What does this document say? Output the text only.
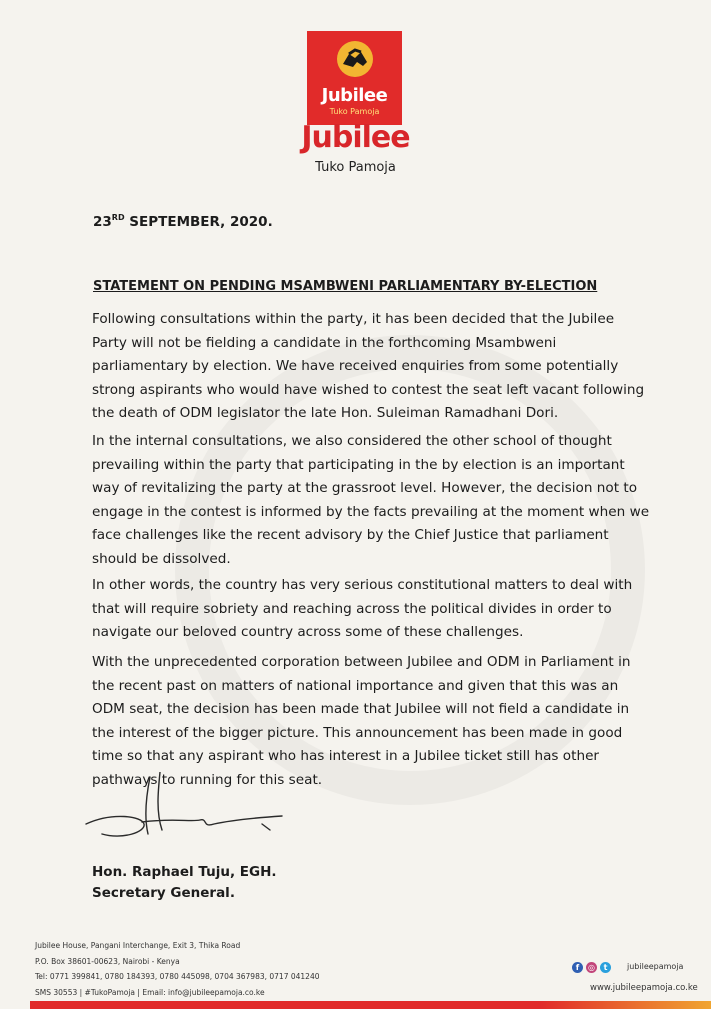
Jubilee
Tuko Pamoja
Jubilee
Tuko Pamoja
23RD SEPTEMBER, 2020.
STATEMENT ON PENDING MSAMBWENI PARLIAMENTARY BY-ELECTION

Following consultations within the party, it has been decided that the Jubilee Party will not be fielding a candidate in the forthcoming Msambweni parliamentary by election. We have received enquiries from some potentially strong aspirants who would have wished to contest the seat left vacant following the death of ODM legislator the late Hon. Suleiman Ramadhani Dori.

In the internal consultations, we also considered the other school of thought prevailing within the party that participating in the by election is an important way of revitalizing the party at the grassroot level. However, the decision not to engage in the contest is informed by the facts prevailing at the moment when we face challenges like the recent advisory by the Chief Justice that parliament should be dissolved.

In other words, the country has very serious constitutional matters to deal with that will require sobriety and reaching across the political divides in order to navigate our beloved country across some of these challenges.

With the unprecedented corporation between Jubilee and ODM in Parliament in the recent past on matters of national importance and given that this was an ODM seat, the decision has been made that Jubilee will not field a candidate in the interest of the bigger picture. This announcement has been made in good time so that any aspirant who has interest in a Jubilee ticket still has other pathways to running for this seat.

Hon. Raphael Tuju, EGH.
Secretary General.
Jubilee House, Pangani Interchange, Exit 3, Thika Road
P.O. Box 38601-00623, Nairobi - Kenya
Tel: 0771 399841, 0780 184393, 0780 445098, 0704 367983, 0717 041240
SMS 30553 | #TukoPamoja | Email: info@jubileepamoja.co.ke
f	◎	t	jubileepamoja
www.jubileepamoja.co.ke
